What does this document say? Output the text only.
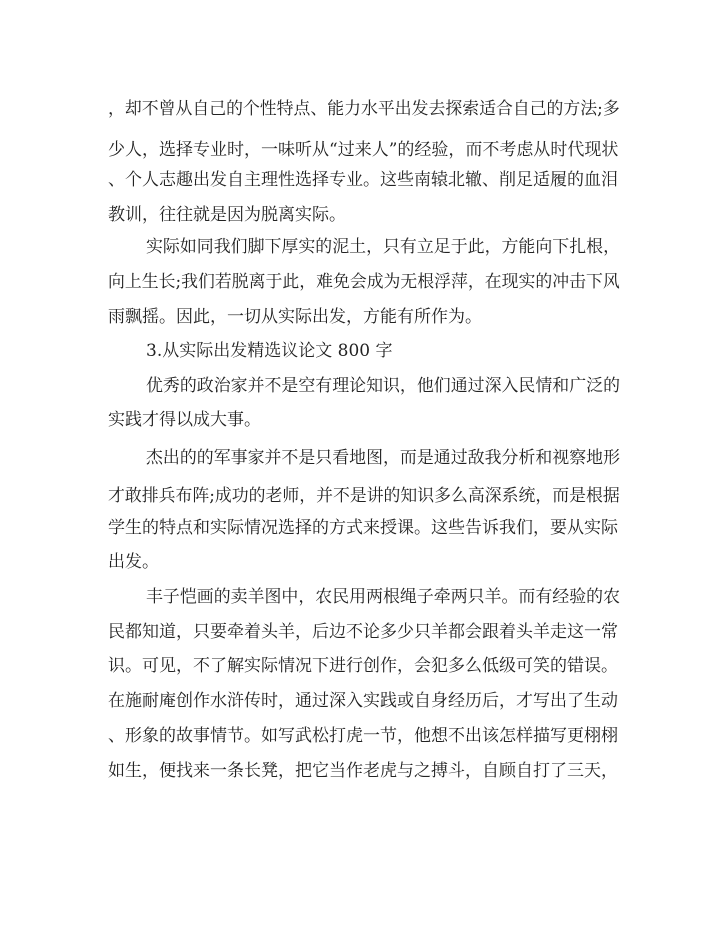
，却不曾从自己的个性特点、能力水平出发去探索适合自己的方法;多
少人，选择专业时，一味听从“过来人”的经验，而不考虑从时代现状
、个人志趣出发自主理性选择专业。这些南辕北辙、削足适履的血泪
教训，往往就是因为脱离实际。
实际如同我们脚下厚实的泥土，只有立足于此，方能向下扎根，
向上生长;我们若脱离于此，难免会成为无根浮萍，在现实的冲击下风
雨飘摇。因此，一切从实际出发，方能有所作为。
3.从实际出发精选议论文 800 字
优秀的政治家并不是空有理论知识，他们通过深入民情和广泛的
实践才得以成大事。
杰出的的军事家并不是只看地图，而是通过敌我分析和视察地形
才敢排兵布阵;成功的老师，并不是讲的知识多么高深系统，而是根据
学生的特点和实际情况选择的方式来授课。这些告诉我们，要从实际
出发。
丰子恺画的卖羊图中，农民用两根绳子牵两只羊。而有经验的农
民都知道，只要牵着头羊，后边不论多少只羊都会跟着头羊走这一常
识。可见，不了解实际情况下进行创作，会犯多么低级可笑的错误。
在施耐庵创作水浒传时，通过深入实践或自身经历后，才写出了生动
、形象的故事情节。如写武松打虎一节，他想不出该怎样描写更栩栩
如生，便找来一条长凳，把它当作老虎与之搏斗，自顾自打了三天，
